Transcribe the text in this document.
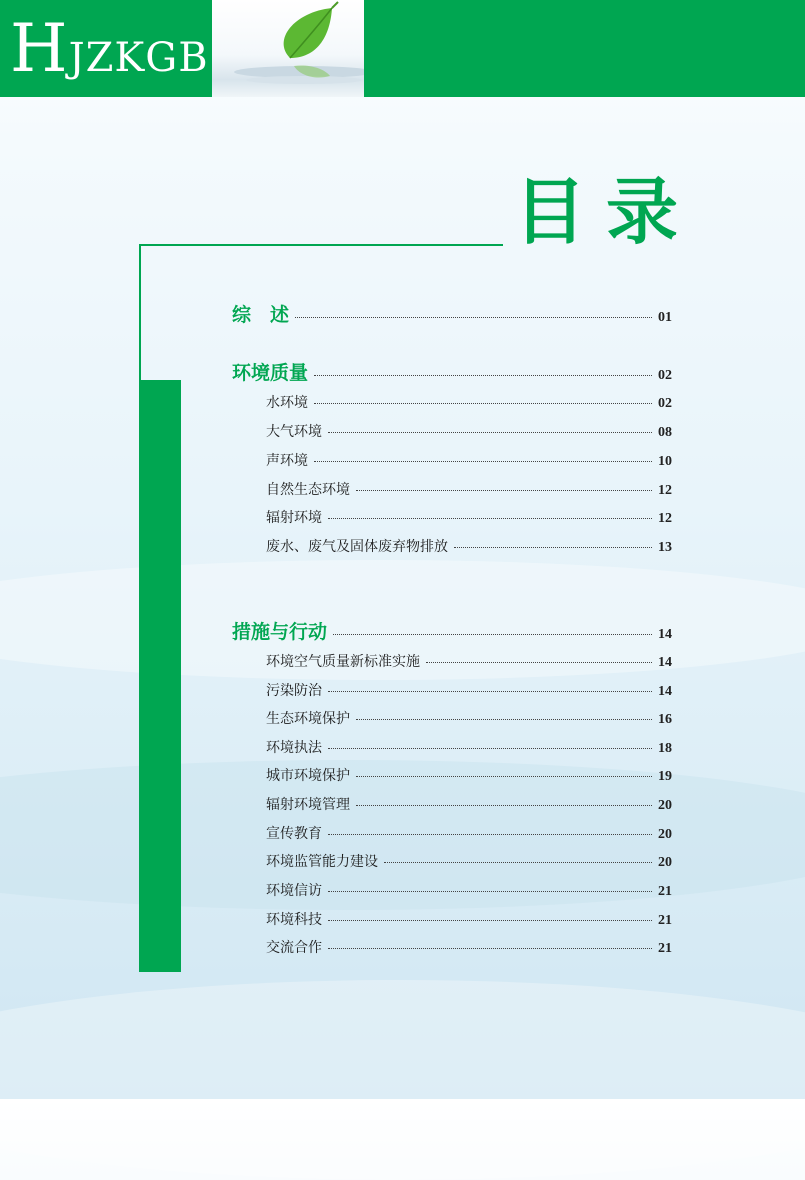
H JZKGB
目录
综　述	01
环境质量	02
水环境	02
大气环境	08
声环境	10
自然生态环境	12
辐射环境	12
废水、废气及固体废弃物排放	13
措施与行动	14
环境空气质量新标准实施	14
污染防治	14
生态环境保护	16
环境执法	18
城市环境保护	19
辐射环境管理	20
宣传教育	20
环境监管能力建设	20
环境信访	21
环境科技	21
交流合作	21
